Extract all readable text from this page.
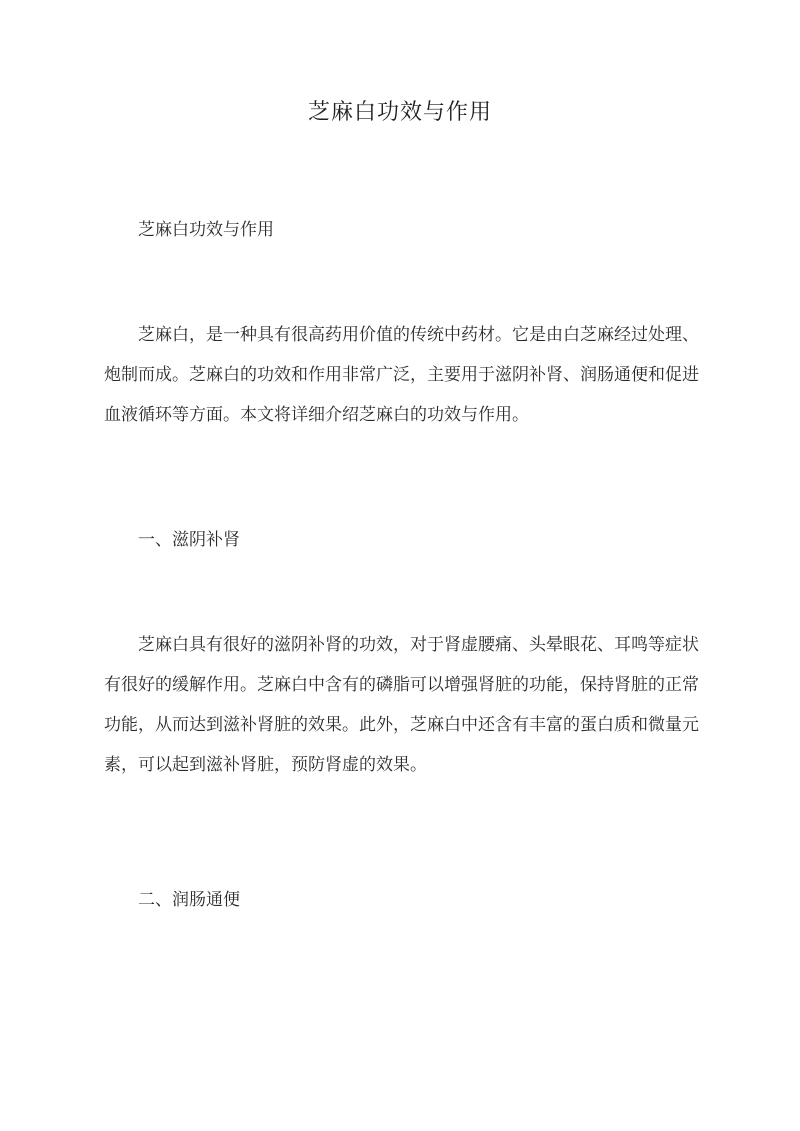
芝麻白功效与作用

芝麻白功效与作用

芝麻白，是一种具有很高药用价值的传统中药材。它是由白芝麻经过处理、炮制而成。芝麻白的功效和作用非常广泛，主要用于滋阴补肾、润肠通便和促进血液循环等方面。本文将详细介绍芝麻白的功效与作用。

一、滋阴补肾

芝麻白具有很好的滋阴补肾的功效，对于肾虚腰痛、头晕眼花、耳鸣等症状有很好的缓解作用。芝麻白中含有的磷脂可以增强肾脏的功能，保持肾脏的正常功能，从而达到滋补肾脏的效果。此外，芝麻白中还含有丰富的蛋白质和微量元素，可以起到滋补肾脏，预防肾虚的效果。

二、润肠通便
